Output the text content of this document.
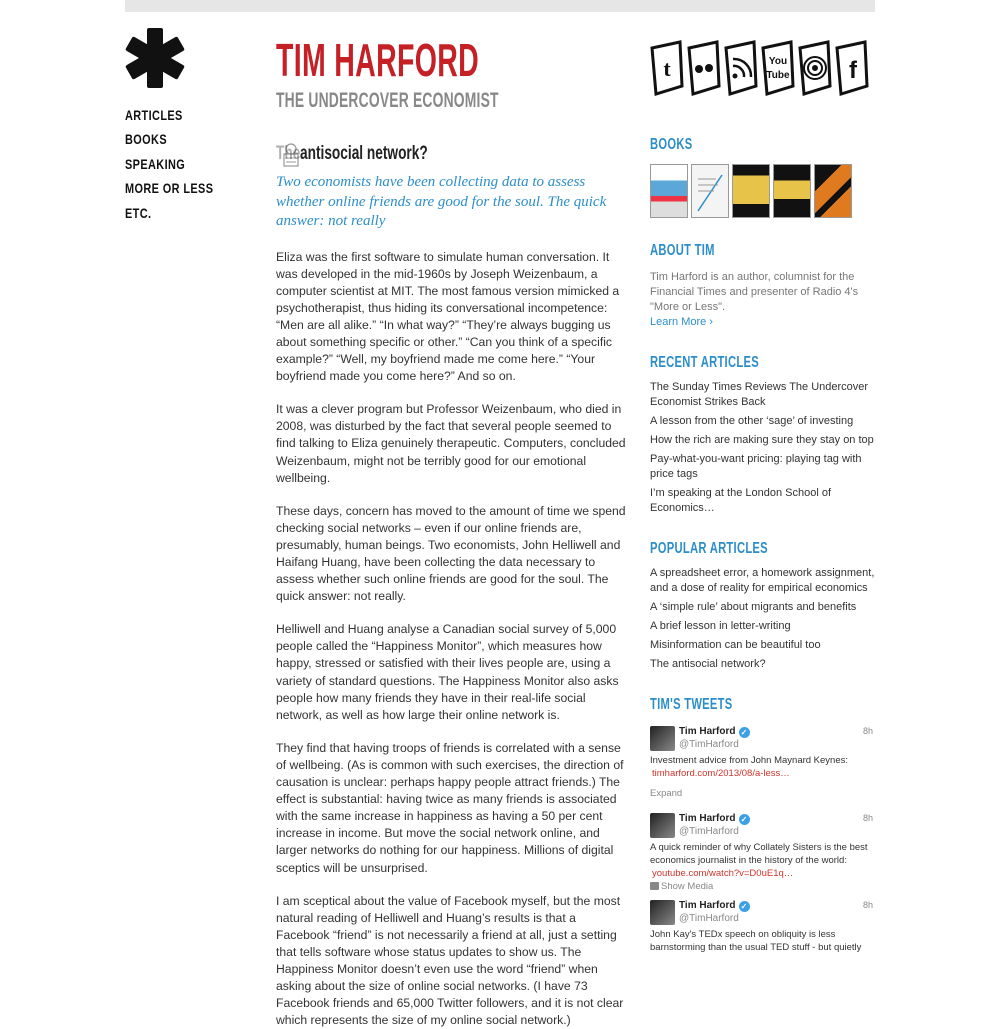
ARTICLES
BOOKS
SPEAKING
MORE OR LESS
ETC.
TIM HARFORD
THE UNDERCOVER ECONOMIST
t	You
Tube f
The antisocial network?
Two economists have been collecting data to assess whether online friends are good for the soul. The quick answer: not really

Eliza was the first software to simulate human conversation. It was developed in the mid-1960s by Joseph Weizenbaum, a computer scientist at MIT. The most famous version mimicked a psychotherapist, thus hiding its conversational incompetence: “Men are all alike.” “In what way?” “They’re always bugging us about something specific or other.” “Can you think of a specific example?” “Well, my boyfriend made me come here.” “Your boyfriend made you come here?” And so on.

It was a clever program but Professor Weizenbaum, who died in 2008, was disturbed by the fact that several people seemed to find talking to Eliza genuinely therapeutic. Computers, concluded Weizenbaum, might not be terribly good for our emotional wellbeing.

These days, concern has moved to the amount of time we spend checking social networks – even if our online friends are, presumably, human beings. Two economists, John Helliwell and Haifang Huang, have been collecting the data necessary to assess whether such online friends are good for the soul. The quick answer: not really.

Helliwell and Huang analyse a Canadian social survey of 5,000 people called the “Happiness Monitor”, which measures how happy, stressed or satisfied with their lives people are, using a variety of standard questions. The Happiness Monitor also asks people how many friends they have in their real-life social network, as well as how large their online network is.

They find that having troops of friends is correlated with a sense of wellbeing. (As is common with such exercises, the direction of causation is unclear: perhaps happy people attract friends.) The effect is substantial: having twice as many friends is associated with the same increase in happiness as having a 50 per cent increase in income. But move the social network online, and larger networks do nothing for our happiness. Millions of digital sceptics will be unsurprised.

I am sceptical about the value of Facebook myself, but the most natural reading of Helliwell and Huang’s results is that a Facebook “friend” is not necessarily a friend at all, just a setting that tells software whose status updates to show us. The Happiness Monitor doesn’t even use the word “friend” when asking about the size of online social networks. (I have 73 Facebook friends and 65,000 Twitter followers, and it is not clear which represents the size of my online social network.)

BOOKS
ABOUT TIM
Tim Harford is an author, columnist for the Financial Times and presenter of Radio 4's "More or Less".
Learn More ›
RECENT ARTICLES
The Sunday Times Reviews The Undercover Economist Strikes Back
A lesson from the other ‘sage’ of investing
How the rich are making sure they stay on top
Pay-what-you-want pricing: playing tag with price tags
I’m speaking at the London School of Economics…
POPULAR ARTICLES
A spreadsheet error, a homework assignment, and a dose of reality for empirical economics
A ‘simple rule’ about migrants and benefits
A brief lesson in letter-writing
Misinformation can be beautiful too
The antisocial network?
TIM'S TWEETS
Tim Harford ✓
@TimHarford
8h
Investment advice from John Maynard Keynes:
timharford.com/2013/08/a-less…
Expand
Tim Harford ✓
@TimHarford
8h
A quick reminder of why Collately Sisters is the best economics journalist in the history of the world:
youtube.com/watch?v=D0uE1q…
Show Media
Tim Harford ✓
@TimHarford
8h
John Kay's TEDx speech on obliquity is less barnstorming than the usual TED stuff - but quietly
